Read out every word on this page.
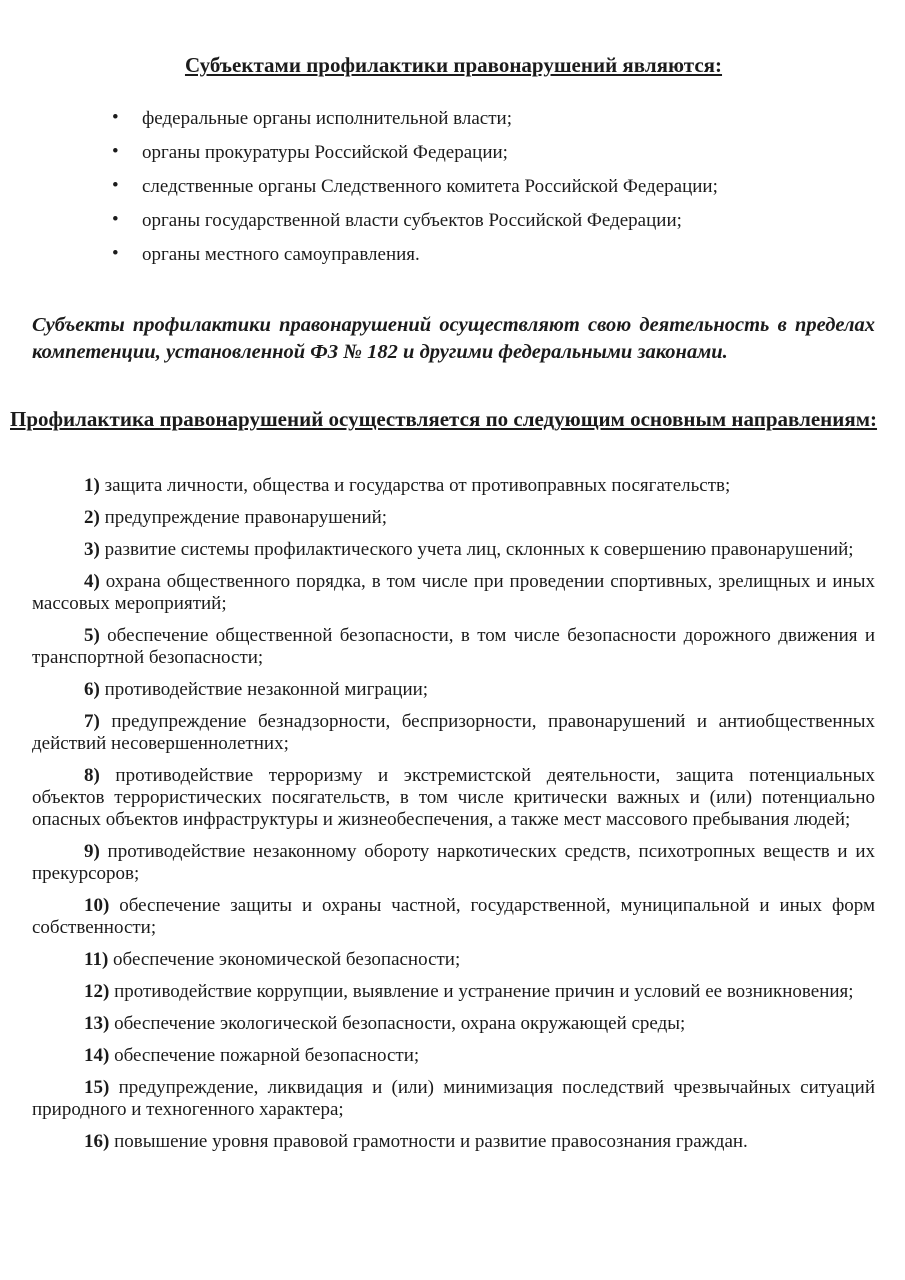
Субъектами профилактики правонарушений являются:
• федеральные органы исполнительной власти;
• органы прокуратуры Российской Федерации;
• следственные органы Следственного комитета Российской Федерации;
• органы государственной власти субъектов Российской Федерации;
• органы местного самоуправления.

Субъекты профилактики правонарушений осуществляют свою деятельность в пределах компетенции, установленной ФЗ № 182 и другими федеральными законами.

Профилактика правонарушений осуществляется по следующим основным направлениям:

1) защита личности, общества и государства от противоправных посягательств;

2) предупреждение правонарушений;

3) развитие системы профилактического учета лиц, склонных к совершению правонарушений;

4) охрана общественного порядка, в том числе при проведении спортивных, зрелищных и иных массовых мероприятий;

5) обеспечение общественной безопасности, в том числе безопасности дорожного движения и транспортной безопасности;

6) противодействие незаконной миграции;

7) предупреждение безнадзорности, беспризорности, правонарушений и антиобщественных действий несовершеннолетних;

8) противодействие терроризму и экстремистской деятельности, защита потенциальных объектов террористических посягательств, в том числе критически важных и (или) потенциально опасных объектов инфраструктуры и жизнеобеспечения, а также мест массового пребывания людей;

9) противодействие незаконному обороту наркотических средств, психотропных веществ и их прекурсоров;

10) обеспечение защиты и охраны частной, государственной, муниципальной и иных форм собственности;

11) обеспечение экономической безопасности;

12) противодействие коррупции, выявление и устранение причин и условий ее возникновения;

13) обеспечение экологической безопасности, охрана окружающей среды;

14) обеспечение пожарной безопасности;

15) предупреждение, ликвидация и (или) минимизация последствий чрезвычайных ситуаций природного и техногенного характера;

16) повышение уровня правовой грамотности и развитие правосознания граждан.
